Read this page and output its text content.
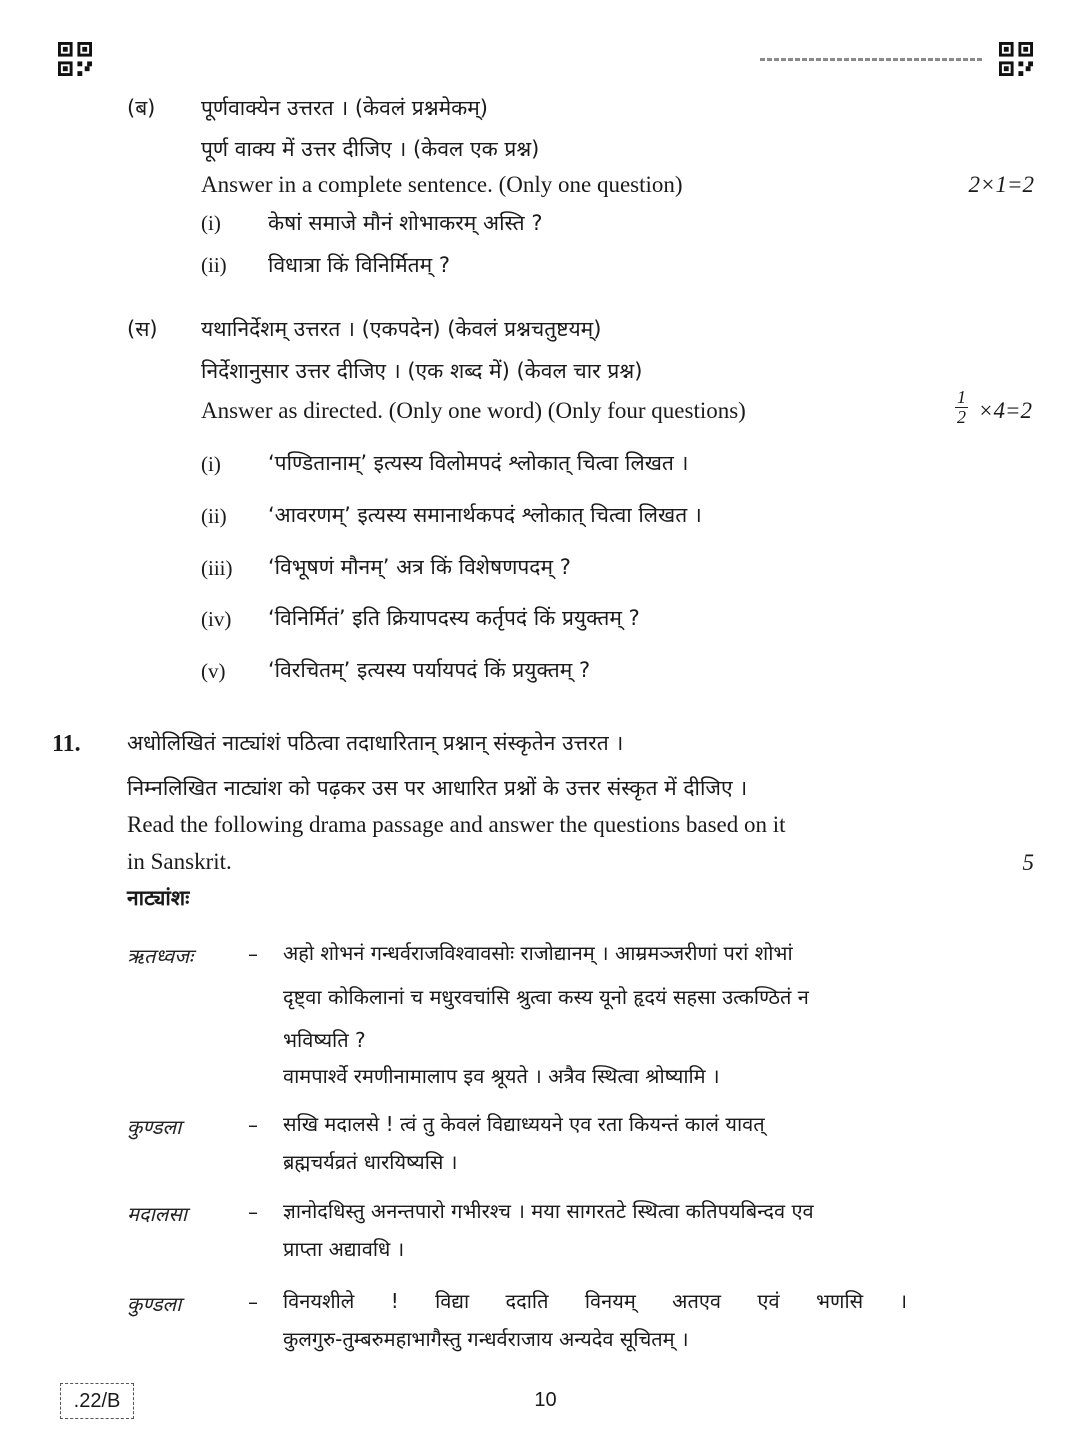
(ब) पूर्णवाक्येन उत्तरत । (केवलं प्रश्नमेकम्)
पूर्ण वाक्य में उत्तर दीजिए । (केवल एक प्रश्न)
Answer in a complete sentence. (Only one question)	2×1=2
(i) केषां समाजे मौनं शोभाकरम् अस्ति ?
(ii) विधात्रा किं विनिर्मितम् ?
(स) यथानिर्देशम् उत्तरत । (एकपदेन) (केवलं प्रश्नचतुष्टयम्)
निर्देशानुसार उत्तर दीजिए । (एक शब्द में) (केवल चार प्रश्न)
Answer as directed. (Only one word) (Only four questions)	$\frac{1}{2} \times 4=2$
(i) ‘पण्डितानाम्’ इत्यस्य विलोमपदं श्लोकात् चित्वा लिखत ।
(ii) ‘आवरणम्’ इत्यस्य समानार्थकपदं श्लोकात् चित्वा लिखत ।
(iii) ‘विभूषणं मौनम्’ अत्र किं विशेषणपदम् ?
(iv) ‘विनिर्मितं’ इति क्रियापदस्य कर्तृपदं किं प्रयुक्तम् ?
(v) ‘विरचितम्’ इत्यस्य पर्यायपदं किं प्रयुक्तम् ?
11. अधोलिखितं नाट्यांशं पठित्वा तदाधारितान् प्रश्नान् संस्कृतेन उत्तरत ।
निम्नलिखित नाट्यांश को पढ़कर उस पर आधारित प्रश्नों के उत्तर संस्कृत में दीजिए ।
Read the following drama passage and answer the questions based on it
in Sanskrit.	5
नाट्यांशः
ऋतध्वजः	– अहो शोभनं गन्धर्वराजविश्वावसोः राजोद्यानम् । आम्रमञ्जरीणां परां शोभां
दृष्ट्वा कोकिलानां च मधुरवचांसि श्रुत्वा कस्य यूनो हृदयं सहसा उत्कण्ठितं न
भविष्यति ?
वामपार्श्वे रमणीनामालाप इव श्रूयते । अत्रैव स्थित्वा श्रोष्यामि ।
कुण्डला	– सखि मदालसे ! त्वं तु केवलं विद्याध्ययने एव रता कियन्तं कालं यावत्
ब्रह्मचर्यव्रतं धारयिष्यसि ।
मदालसा	– ज्ञानोदधिस्तु अनन्तपारो गभीरश्च । मया सागरतटे स्थित्वा कतिपयबिन्दव एव
प्राप्ता अद्यावधि ।
कुण्डला	– विनयशीले ! विद्या ददाति विनयम् अतएव एवं भणसि ।
कुलगुरु-तुम्बरुमहाभागैस्तु गन्धर्वराजाय अन्यदेव सूचितम् ।
.22/B	10
